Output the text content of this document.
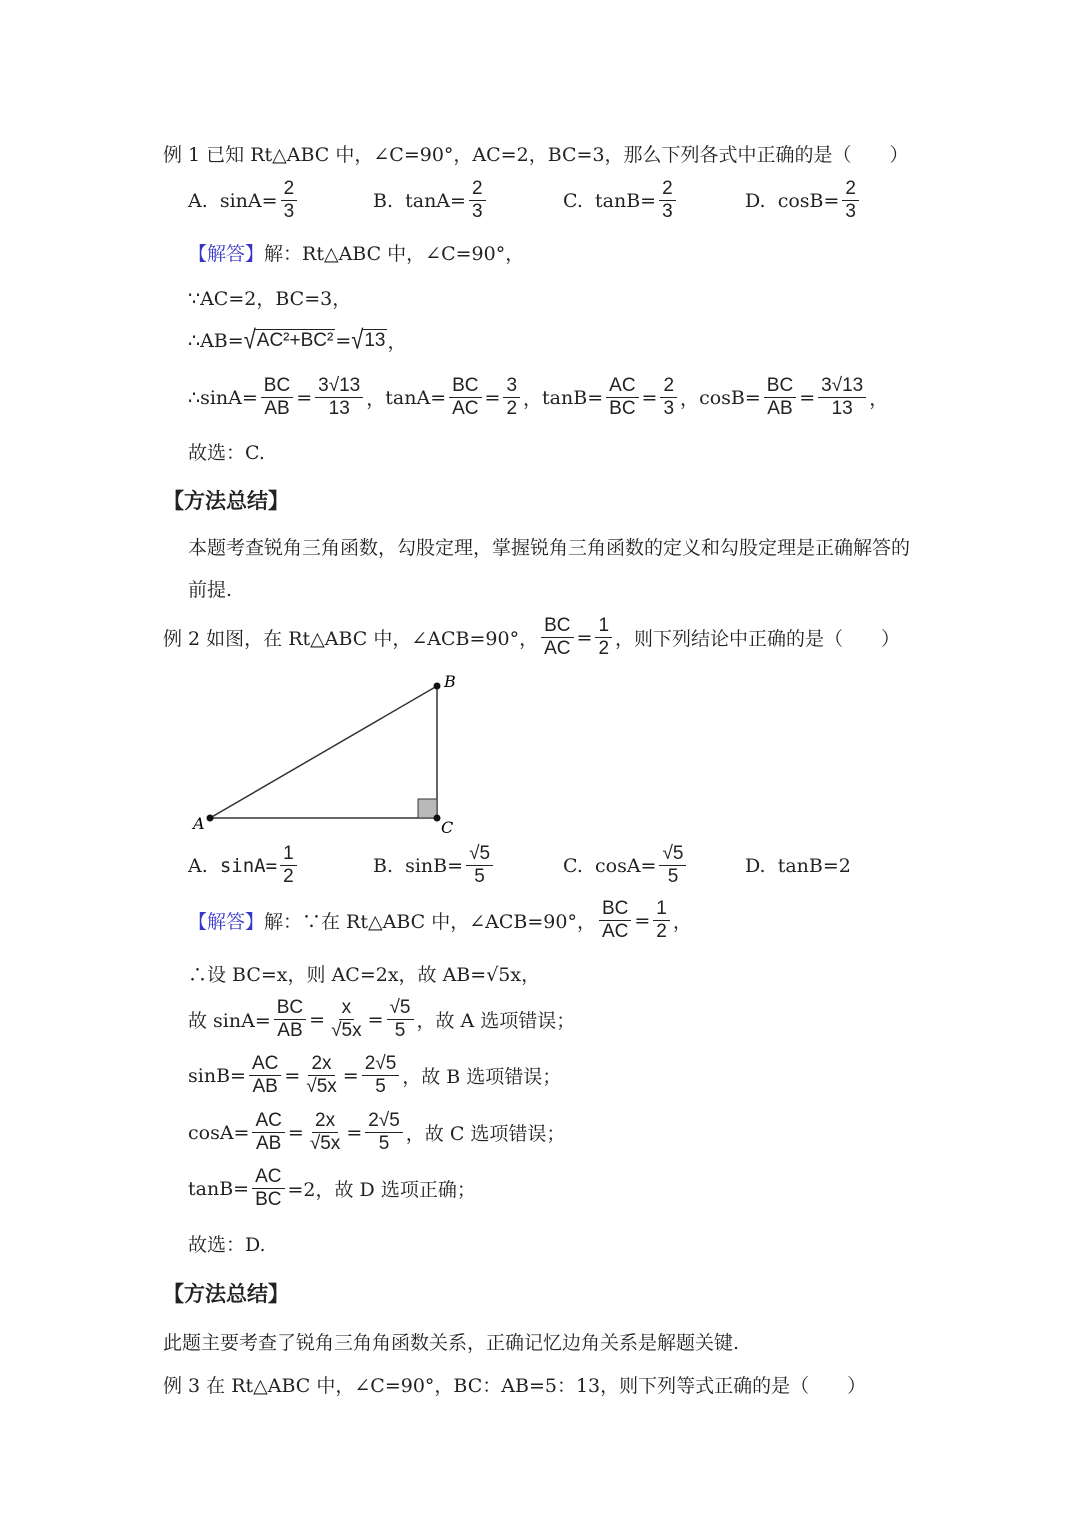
例 1 已知 Rt△ABC 中，∠C=90°，AC=2，BC=3，那么下列各式中正确的是（　　）
A.
$\sin A= \frac{2}{3}$	B.
$\tan A= \frac{2}{3}$	C.
$\tan B= \frac{2}{3}$	D.
$\cos B= \frac{2}{3}$
【解答】 解：Rt△ABC 中，∠C=90°，
∵AC=2，BC=3，
∴AB= √ AC²+BC² = √ 13 ，
∴sinA= $\frac{BC}{AB} = \frac{3√13}{13}$ ， $\tan A= \frac{BC}{AC} = \frac{3}{2}$ ， $\tan B= \frac{AC}{BC} = \frac{2}{3}$ ， $\cos B= \frac{BC}{AB} = \frac{3√13}{13}$ ，
故选：C.
【方法总结】
本题考查锐角三角函数，勾股定理，掌握锐角三角函数的定义和勾股定理是正确解答的前提.
例 2 如图，在 Rt△ABC 中，∠ACB=90°， $\frac{BC}{AC} = \frac{1}{2}$ ，则下列结论中正确的是（　　）
A
B
C
A.
$\sin A= \frac{1}{2}$	B.
$\sin B= \frac{√5}{5}$	C.
$\cos A= \frac{√5}{5}$	D.
tanB=2
【解答】 解：∵在 Rt△ABC 中，∠ACB=90°， $\frac{BC}{AC} = \frac{1}{2}$ ，
∴设 BC=x，则 AC=2x，故 AB=√5x，
故 $\sin A= \frac{BC}{AB} = \frac{x}{√5x} = \frac{√5}{5}$ ，故 A 选项错误；
$\sin B= \frac{AC}{AB} = \frac{2x}{√5x} = \frac{2√5}{5}$ ，故 B 选项错误；
$\cos A= \frac{AC}{AB} = \frac{2x}{√5x} = \frac{2√5}{5}$ ，故 C 选项错误；
$\tan B= \frac{AC}{BC} =2$，故 D 选项正确；
故选：D.
【方法总结】
此题主要考查了锐角三角角函数关系，正确记忆边角关系是解题关键.
例 3 在 Rt△ABC 中，∠C=90°，BC：AB=5：13，则下列等式正确的是（　　）
